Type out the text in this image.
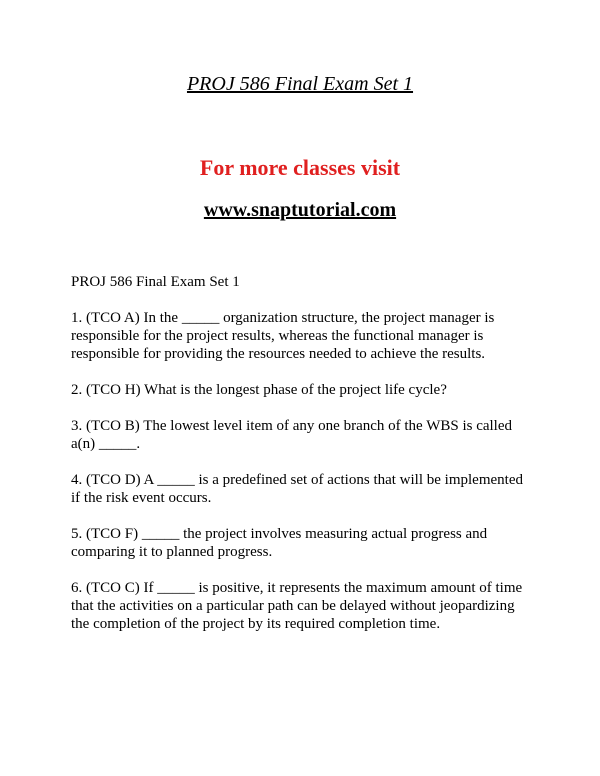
PROJ 586 Final Exam Set 1
For more classes visit
www.snaptutorial.com

PROJ 586 Final Exam Set 1

1. (TCO A) In the _____ organization structure, the project manager is responsible for the project results, whereas the functional manager is responsible for providing the resources needed to achieve the results.

2. (TCO H) What is the longest phase of the project life cycle?

3. (TCO B) The lowest level item of any one branch of the WBS is called a(n) _____.

4. (TCO D) A _____ is a predefined set of actions that will be implemented if the risk event occurs.

5. (TCO F) _____ the project involves measuring actual progress and comparing it to planned progress.

6. (TCO C) If _____ is positive, it represents the maximum amount of time that the activities on a particular path can be delayed without jeopardizing the completion of the project by its required completion time.
